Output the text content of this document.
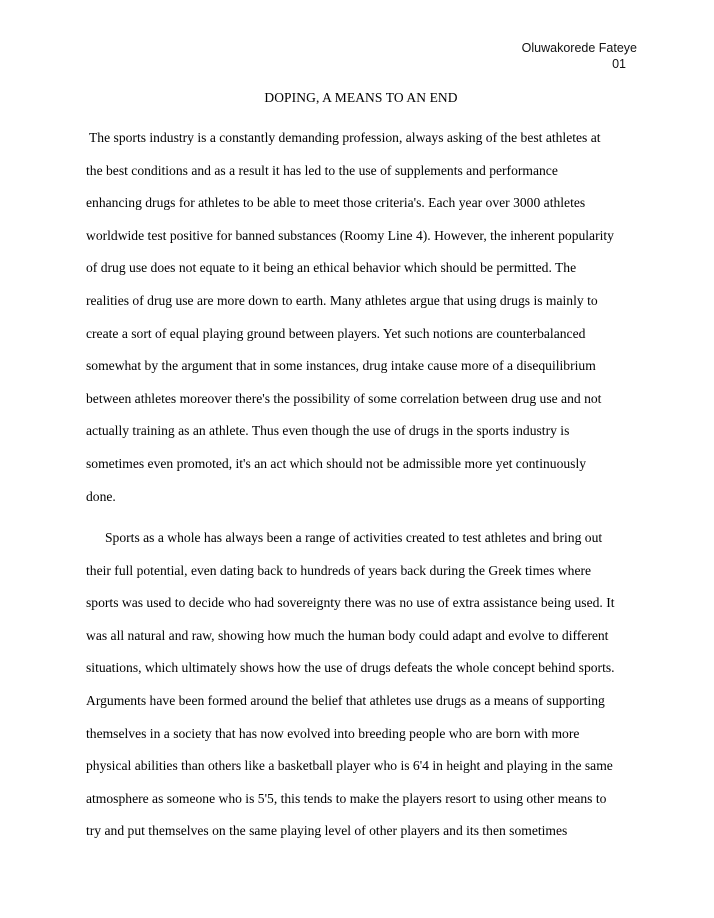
Oluwakorede Fateye
01
DOPING, A MEANS TO AN END

The sports industry is a constantly demanding profession, always asking of the best athletes at
the best conditions and as a result it has led to the use of supplements and performance
enhancing drugs for athletes to be able to meet those criteria's. Each year over 3000 athletes
worldwide test positive for banned substances (Roomy Line 4). However, the inherent popularity
of drug use does not equate to it being an ethical behavior which should be permitted. The
realities of drug use are more down to earth. Many athletes argue that using drugs is mainly to
create a sort of equal playing ground between players. Yet such notions are counterbalanced
somewhat by the argument that in some instances, drug intake cause more of a disequilibrium
between athletes moreover there's the possibility of some correlation between drug use and not
actually training as an athlete. Thus even though the use of drugs in the sports industry is
sometimes even promoted, it's an act which should not be admissible more yet continuously
done.

Sports as a whole has always been a range of activities created to test athletes and bring out
their full potential, even dating back to hundreds of years back during the Greek times where
sports was used to decide who had sovereignty there was no use of extra assistance being used. It
was all natural and raw, showing how much the human body could adapt and evolve to different
situations, which ultimately shows how the use of drugs defeats the whole concept behind sports.
Arguments have been formed around the belief that athletes use drugs as a means of supporting
themselves in a society that has now evolved into breeding people who are born with more
physical abilities than others like a basketball player who is 6'4 in height and playing in the same
atmosphere as someone who is 5'5, this tends to make the players resort to using other means to
try and put themselves on the same playing level of other players and its then sometimes
